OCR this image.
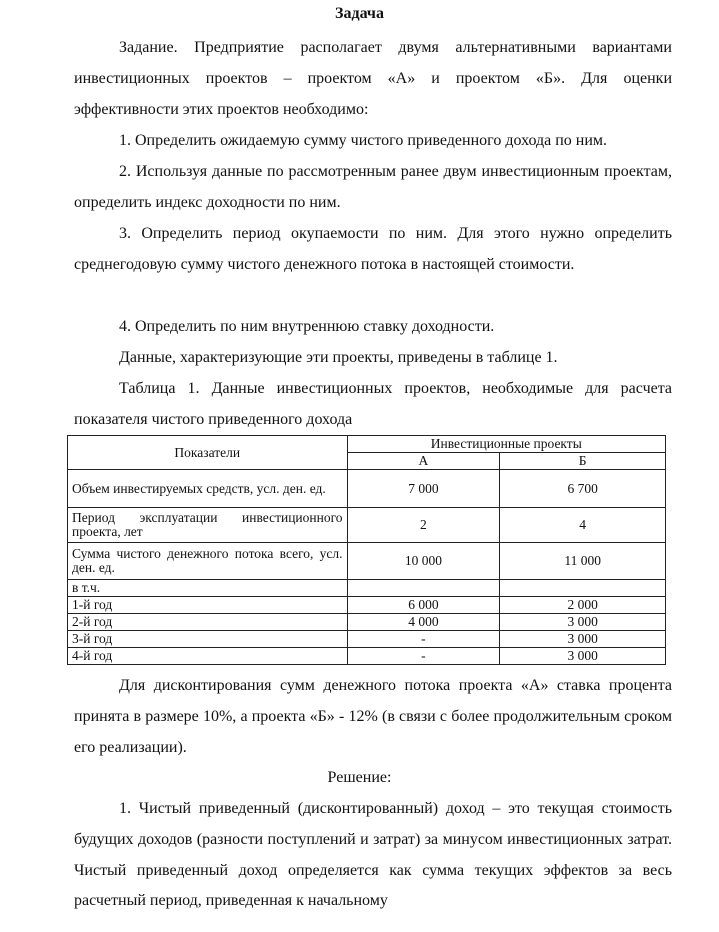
Задача

Задание. Предприятие располагает двумя альтернативными вариантами инвестиционных проектов – проектом «А» и проектом «Б». Для оценки эффективности этих проектов необходимо:

1. Определить ожидаемую сумму чистого приведенного дохода по ним.

2. Используя данные по рассмотренным ранее двум инвестиционным проектам, определить индекс доходности по ним.

3. Определить период окупаемости по ним. Для этого нужно определить среднегодовую сумму чистого денежного потока в настоящей стоимости.

4. Определить по ним внутреннюю ставку доходности.

Данные, характеризующие эти проекты, приведены в таблице 1.

Таблица 1. Данные инвестиционных проектов, необходимые для расчета показателя чистого приведенного дохода

Показатели	Инвестиционные проекты	
	А	Б
Объем инвестируемых средств, усл. ден. ед.	7 000	6 700
Период эксплуатации инвестиционного проекта, лет	2	4
Сумма чистого денежного потока всего, усл. ден. ед.	10 000	11 000
в т.ч.		
1-й год	6 000	2 000
2-й год	4 000	3 000
3-й год	-	3 000
4-й год	-	3 000

Для дисконтирования сумм денежного потока проекта «А» ставка процента принята в размере 10%, а проекта «Б» - 12% (в связи с более продолжительным сроком его реализации).

Решение:

1. Чистый приведенный (дисконтированный) доход – это текущая стоимость будущих доходов (разности поступлений и затрат) за минусом инвестиционных затрат. Чистый приведенный доход определяется как сумма текущих эффектов за весь расчетный период, приведенная к начальному
